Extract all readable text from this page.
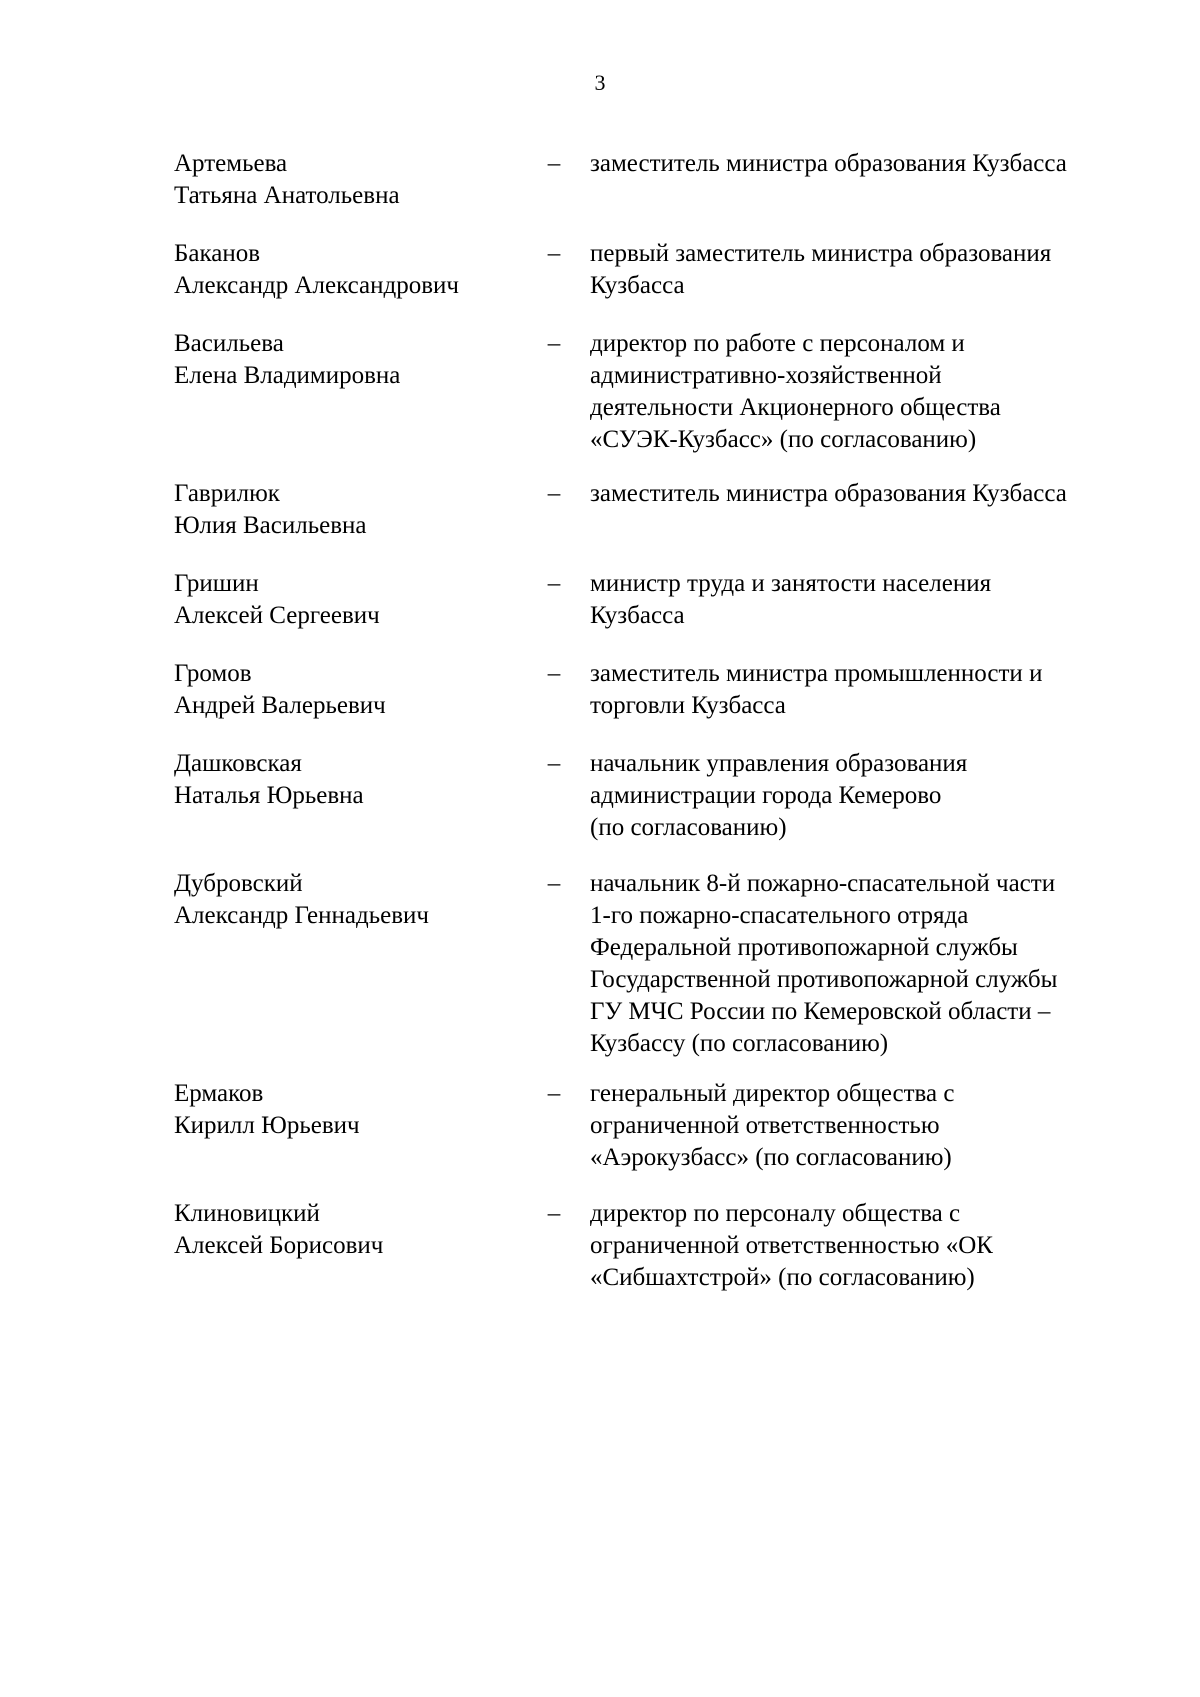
3
Артемьева
Татьяна Анатольевна
– заместитель министра образования Кузбасса
Баканов
Александр Александрович
– первый заместитель министра образования
Кузбасса
Васильева
Елена Владимировна
– директор по работе с персоналом и
административно-хозяйственной
деятельности Акционерного общества
«СУЭК-Кузбасс» (по согласованию)
Гаврилюк
Юлия Васильевна
– заместитель министра образования Кузбасса
Гришин
Алексей Сергеевич
– министр труда и занятости населения
Кузбасса
Громов
Андрей Валерьевич
– заместитель министра промышленности и
торговли Кузбасса
Дашковская
Наталья Юрьевна
– начальник управления образования
администрации города Кемерово
(по согласованию)
Дубровский
Александр Геннадьевич
– начальник 8-й пожарно-спасательной части
1-го пожарно-спасательного отряда
Федеральной противопожарной службы
Государственной противопожарной службы
ГУ МЧС России по Кемеровской области –
Кузбассу (по согласованию)
Ермаков
Кирилл Юрьевич
– генеральный директор общества с
ограниченной ответственностью
«Аэрокузбасс» (по согласованию)
Клиновицкий
Алексей Борисович
– директор по персоналу общества с
ограниченной ответственностью «ОК
«Сибшахтстрой» (по согласованию)
